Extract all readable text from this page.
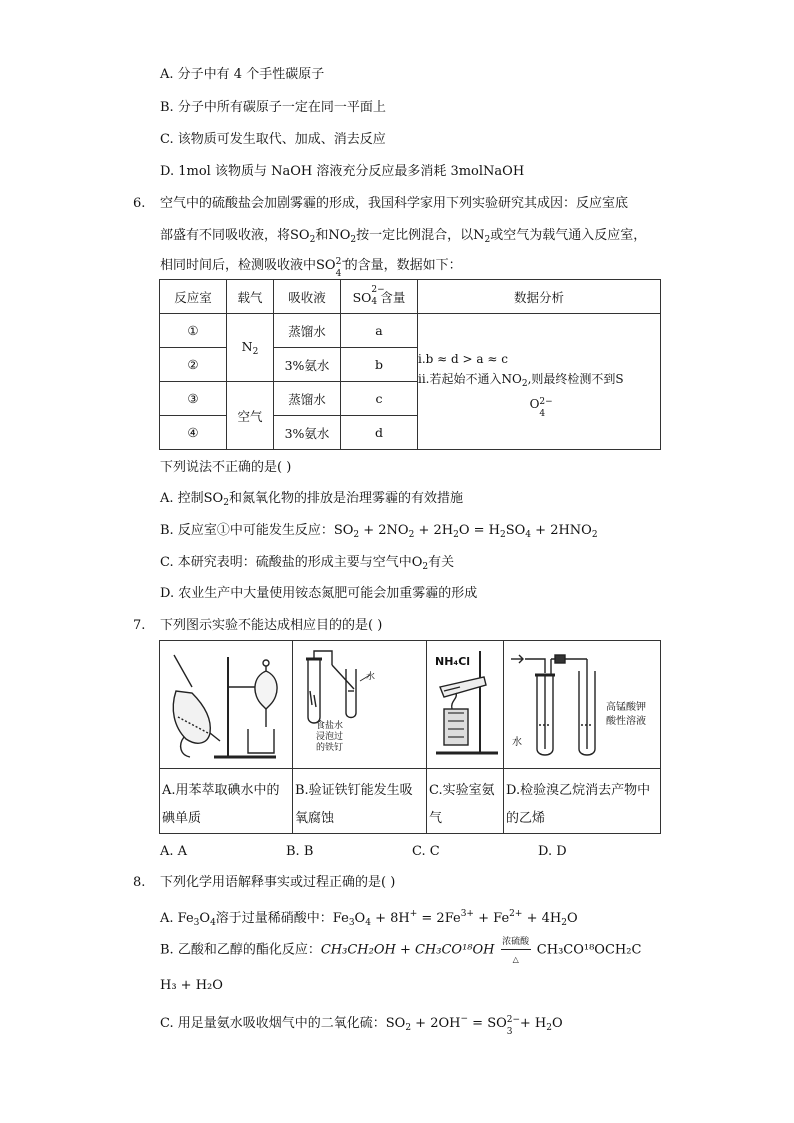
A. 分子中有 4 个手性碳原子
B. 分子中所有碳原子一定在同一平面上
C. 该物质可发生取代、加成、消去反应
D. 1mol 该物质与 NaOH 溶液充分反应最多消耗 3molNaOH
6. 空气中的硫酸盐会加剧雾霾的形成，我国科学家用下列实验研究其成因：反应室底
部盛有不同吸收液，将$SO_2$和$NO_2$按一定比例混合，以$N_2$或空气为载气通入反应室，
相同时间后，检测吸收液中SO 2−
4
的含量，数据如下：
反应室	载气	吸收液	SO 2−
4 含量	数据分析
①	$N_2$	蒸馏水	a	i.b ≈ d > a ≈ c
ii.若起始不通入$NO_2$,则最终检测不到S
O 2−
4

②		3%氨水	b	
③	空气	蒸馏水	c	
④		3%氨水	d	
下列说法不正确的是( )
A. 控制$SO_2$和氮氧化物的排放是治理雾霾的有效措施
B. 反应室①中可能发生反应：$SO_2 + 2NO_2 + 2H_2O = H_2SO_4 + 2HNO_2$
C. 本研究表明：硫酸盐的形成主要与空气中$O_2$有关
D. 农业生产中大量使用铵态氮肥可能会加重雾霾的形成
7. 下列图示实验不能达成相应目的的是( )
水
食盐水
浸泡过
的铁钉
NH₄Cl
水
高锰酸钾
酸性溶液
A.用苯萃取碘水中的
碘单质
B.验证铁钉能发生吸
氧腐蚀
C.实验室氨
气
D.检验溴乙烷消去产物中
的乙烯
A. A	B. B	C. C	D. D
8. 下列化学用语解释事实或过程正确的是( )
A. $Fe_3O_4$溶于过量稀硝酸中：$Fe_3O_4 + 8H^+ = 2Fe^{3+} + Fe^{2+} + 4H_2O$
B. 乙酸和乙醇的酯化反应：CH₃CH₂OH + CH₃CO¹⁸OH
浓硫酸
△
CH₃CO¹⁸OCH₂C
H₃ + H₂O
C. 用足量氨水吸收烟气中的二氧化硫：$SO_2 + 2OH^-$ = SO 2−
3
+ $H_2O$
